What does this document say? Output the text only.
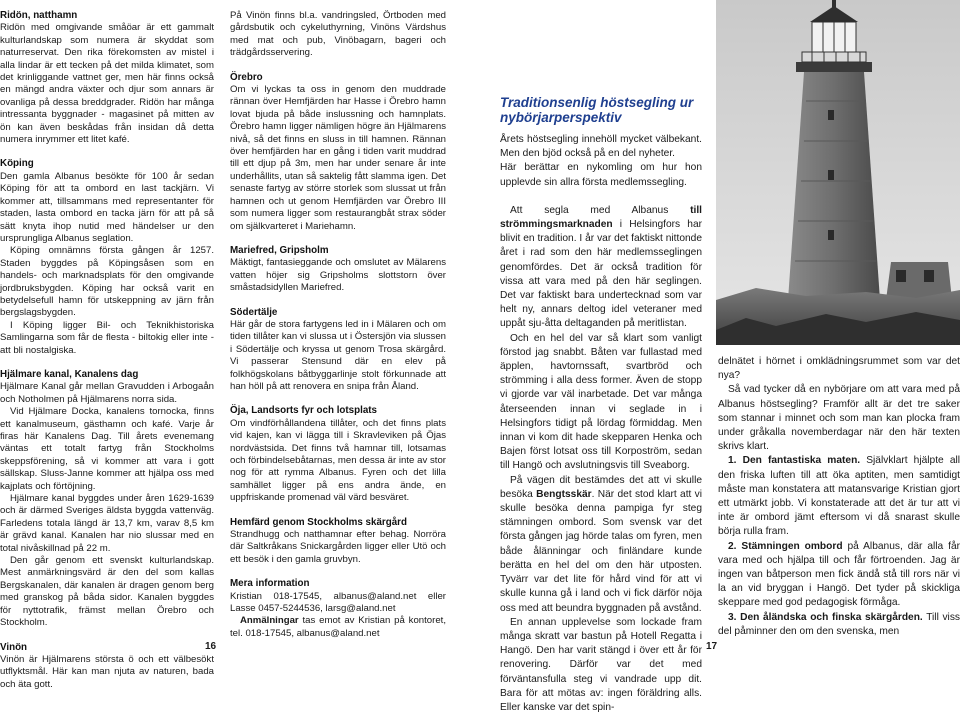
Ridön, natthamn

Ridön med omgivande småöar är ett gammalt kulturlandskap som numera är skyddat som naturreservat. Den rika förekomsten av mistel i alla lindar är ett tecken på det milda klimatet, som det krinliggande vattnet ger, men här finns också en mängd andra växter och djur som annars är ovanliga på dessa breddgrader. Ridön har många intressanta byggnader - magasinet på mitten av ön kan även beskådas från insidan då detta numera inrymmer ett litet kafé.

Köping

Den gamla Albanus besökte för 100 år sedan Köping för att ta ombord en last tackjärn. Vi kommer att, tillsammans med representanter för staden, lasta ombord en tacka järn för att på så sätt knyta ihop nutid med händelser ur den ursprungliga Albanus seglation.

Köping omnämns första gången år 1257. Staden byggdes på Köpingsåsen som en handels- och marknadsplats för den omgivande jordbruksbygden. Köping har också varit en betydelsefull hamn för utskeppning av järn från bergslagsbygden.

I Köping ligger Bil- och Teknikhistoriska Samlingarna som får de flesta - biltokig eller inte - att bli nostalgiska.

Hjälmare kanal, Kanalens dag

Hjälmare Kanal går mellan Gravudden i Arbogaån och Notholmen på Hjälmarens norra sida.

Vid Hjälmare Docka, kanalens tornocka, finns ett kanalmuseum, gästhamn och kafé. Varje år firas här Kanalens Dag. Till årets evenemang väntas ett totalt fartyg från Stockholms skeppsförening, så vi kommer att vara i gott sällskap. Sluss-Janne kommer att hjälpa oss med kajplats och förtöjning.

Hjälmare kanal byggdes under åren 1629-1639 och är därmed Sveriges äldsta byggda vattenväg. Farledens totala längd är 13,7 km, varav 8,5 km är grävd kanal. Kanalen har nio slussar med en total nivåskillnad på 22 m.

Den går genom ett svenskt kulturlandskap. Mest anmärkningsvärd är den del som kallas Bergskanalen, där kanalen är dragen genom berg med granskog på båda sidor. Kanalen byggdes för nyttotrafik, främst mellan Örebro och Stockholm.

Vinön

Vinön är Hjälmarens största ö och ett välbesökt utflyktsmål. Här kan man njuta av naturen, bada och äta gott.

På Vinön finns bl.a. vandringsled, Örtboden med gårdsbutik och cykeluthyrning, Vinöns Värdshus med mat och pub, Vinöbagarn, bageri och trädgårdsservering.

Örebro

Om vi lyckas ta oss in genom den muddrade rännan över Hemfjärden har Hasse i Örebro hamn lovat bjuda på både inslussning och hamnplats. Örebro hamn ligger nämligen högre än Hjälmarens nivå, så det finns en sluss in till hamnen. Rännan över hemfjärden har en gång i tiden varit muddrad till ett djup på 3m, men har under senare år inte underhållits, utan så saktelig fått slamma igen. Det senaste fartyg av större storlek som slussat ut från hamnen och ut genom Hemfjärden var Örebro III som numera ligger som restaurangbåt strax söder om själkvarteret i Mariehamn.

Mariefred, Gripsholm

Mäktigt, fantasieggande och omslutet av Mälarens vatten höjer sig Gripsholms slottstorn över småstadsidyllen Mariefred.

Södertälje

Här går de stora fartygens led in i Mälaren och om tiden tillåter kan vi slussa ut i Östersjön via slussen i Södertälje och kryssa ut genom Trosa skärgård. Vi passerar Stensund där en elev på folkhögskolans båtbyggarlinje stolt förkunnade att han höll på att renovera en snipa från Åland.

Öja, Landsorts fyr och lotsplats

Om vindförhållandena tillåter, och det finns plats vid kajen, kan vi lägga till i Skravleviken på Öjas nordvästsida. Det finns två hamnar till, lotsamas och förbindelsebåtarnas, men dessa är inte av stor nog för att rymma Albanus. Fyren och det lilla samhället ligger på ens andra ände, en uppfriskande promenad väl värd besväret.

Hemfärd genom Stockholms skärgård

Strandhugg och natthamnar efter behag. Norröra där Saltkråkans Snickargården ligger eller Utö och ett besök i den gamla gruvbyn.

Mera information

Kristian 018-17545, albanus@aland.net eller Lasse 0457-5244536, larsg@aland.net

Anmälningar tas emot av Kristian på kontoret, tel. 018-17545, albanus@aland.net

16
Traditionsenlig höstsegling ur nybörjarperspektiv

Årets höstsegling innehöll mycket välbekant. Men den bjöd också på en del nyheter.

Här berättar en nykomling om hur hon upplevde sin allra första medlemssegling.

Att segla med Albanus till strömmingsmarknaden i Helsingfors har blivit en tradition. I år var det faktiskt nittonde året i rad som den här medlemsseglingen genomfördes. Det är också tradition för vissa att vara med på den här seglingen. Det var faktiskt bara undertecknad som var helt ny, annars deltog idel veteraner med uppåt sju-åtta deltaganden på meritlistan.

Och en hel del var så klart som vanligt förstod jag snabbt. Båten var fullastad med äpplen, havtornssaft, svartbröd och strömming i alla dess former. Även de stopp vi gjorde var väl inarbetade. Det var många återseenden innan vi seglade in i Helsingfors tidigt på lördag förmiddag. Men innan vi kom dit hade skepparen Henka och Bajen först lotsat oss till Korpoström, sedan till Hangö och avslutningsvis till Sveaborg.

På vägen dit bestämdes det att vi skulle besöka Bengtsskär. När det stod klart att vi skulle besöka denna pampiga fyr steg stämningen ombord. Som svensk var det första gången jag hörde talas om fyren, men både ålänningar och finländare kunde berätta en hel del om den här utposten. Tyvärr var det lite för hård vind för att vi skulle kunna gå i land och vi fick därför nöja oss med att beundra byggnaden på avstånd.

En annan upplevelse som lockade fram många skratt var bastun på Hotell Regatta i Hangö. Den har varit stängd i över ett år för renovering. Därför var det med förväntansfulla steg vi vandrade upp dit. Bara för att mötas av: ingen föräldring alls. Eller kanske var det spin-

delnätet i hörnet i omklädningsrummet som var det nya?

Så vad tycker då en nybörjare om att vara med på Albanus höstsegling? Framför allt är det tre saker som stannar i minnet och som man kan plocka fram under gråkalla novemberdagar när den här texten skrivs klart.

1. Den fantastiska maten. Självklart hjälpte all den friska luften till att öka aptiten, men samtidigt måste man konstatera att matansvarige Kristian gjort ett utmärkt jobb. Vi konstaterade att det är tur att vi inte är ombord jämt eftersom vi då snarast skulle börja rulla fram.

2. Stämningen ombord på Albanus, där alla får vara med och hjälpa till och får förtroenden. Jag är ingen van båtperson men fick ändå stå till rors när vi la an vid bryggan i Hangö. Det tyder på skickliga skeppare med god pedagogisk förmåga.

3. Den åländska och finska skärgården. Till viss del påminner den om den svenska, men

17
